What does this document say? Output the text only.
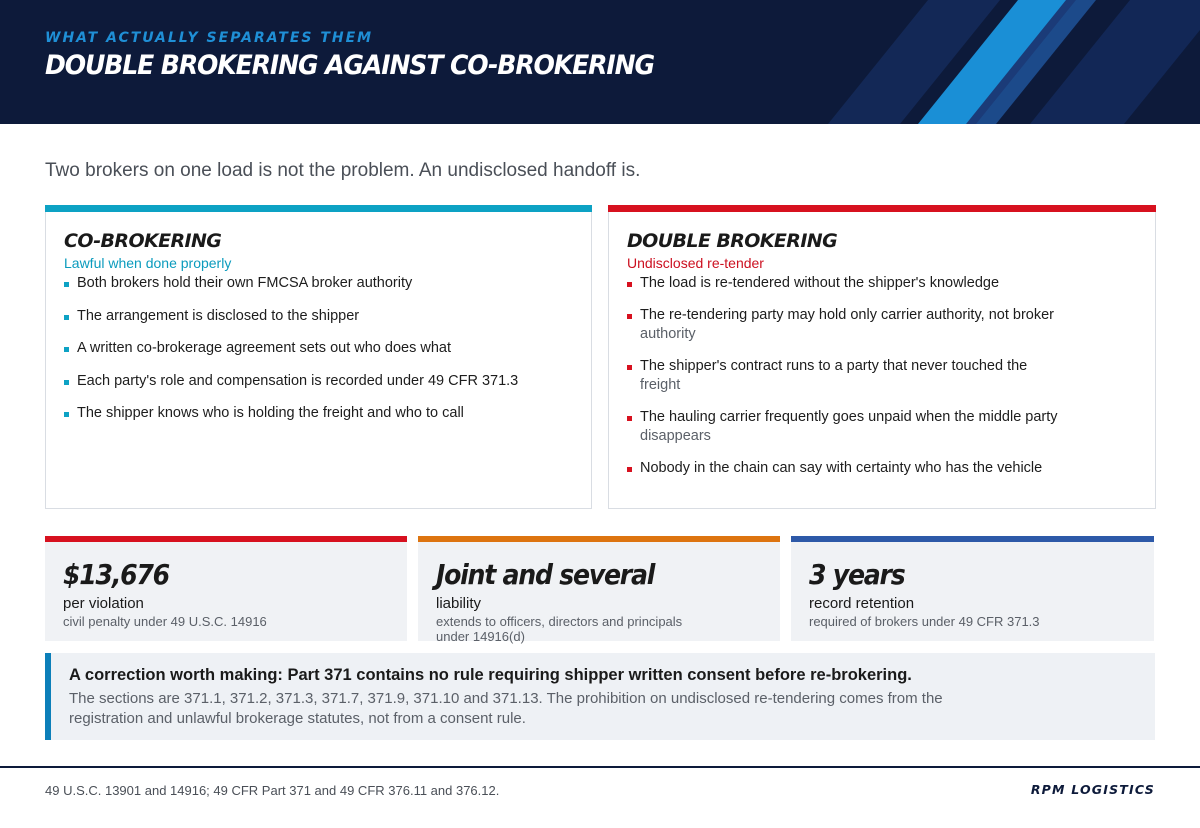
WHAT ACTUALLY SEPARATES THEM
DOUBLE BROKERING AGAINST CO-BROKERING
Two brokers on one load is not the problem. An undisclosed handoff is.
CO-BROKERING
Lawful when done properly
Both brokers hold their own FMCSA broker authority
The arrangement is disclosed to the shipper
A written co-brokerage agreement sets out who does what
Each party's role and compensation is recorded under 49 CFR 371.3
The shipper knows who is holding the freight and who to call
DOUBLE BROKERING
Undisclosed re-tender
The load is re-tendered without the shipper's knowledge
The re-tendering party may hold only carrier authority, not broker
authority
The shipper's contract runs to a party that never touched the
freight
The hauling carrier frequently goes unpaid when the middle party
disappears
Nobody in the chain can say with certainty who has the vehicle
$13,676
per violation
civil penalty under 49 U.S.C. 14916
Joint and several
liability
extends to officers, directors and principals
under 14916(d)
3 years
record retention
required of brokers under 49 CFR 371.3
A correction worth making: Part 371 contains no rule requiring shipper written consent before re-brokering.
The sections are 371.1, 371.2, 371.3, 371.7, 371.9, 371.10 and 371.13. The prohibition on undisclosed re-tendering comes from the
registration and unlawful brokerage statutes, not from a consent rule.
49 U.S.C. 13901 and 14916; 49 CFR Part 371 and 49 CFR 376.11 and 376.12.	RPM LOGISTICS
